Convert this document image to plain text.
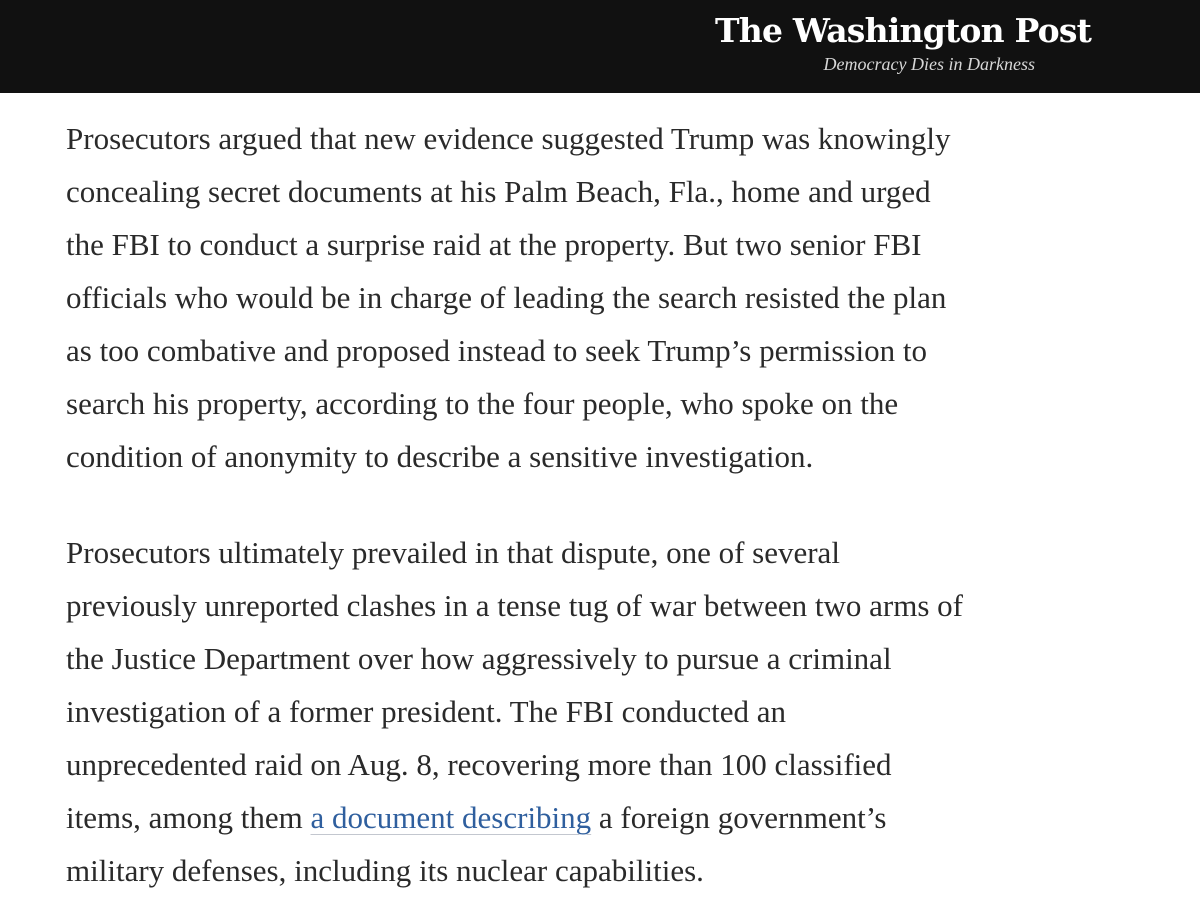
The Washington Post
Democracy Dies in Darkness

Prosecutors argued that new evidence suggested Trump was knowingly
concealing secret documents at his Palm Beach, Fla., home and urged
the FBI to conduct a surprise raid at the property. But two senior FBI
officials who would be in charge of leading the search resisted the plan
as too combative and proposed instead to seek Trump’s permission to
search his property, according to the four people, who spoke on the
condition of anonymity to describe a sensitive investigation.

Prosecutors ultimately prevailed in that dispute, one of several
previously unreported clashes in a tense tug of war between two arms of
the Justice Department over how aggressively to pursue a criminal
investigation of a former president. The FBI conducted an
unprecedented raid on Aug. 8, recovering more than 100 classified
items, among them a document describing a foreign government’s
military defenses, including its nuclear capabilities.
